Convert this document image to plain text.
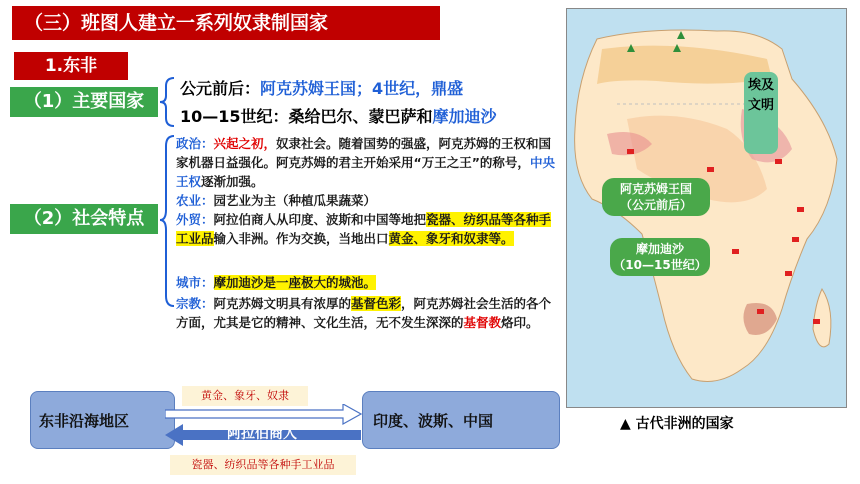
（三）班图人建立一系列奴隶制国家
1.东非
（1）主要国家
公元前后：阿克苏姆王国；4世纪，鼎盛
10—15世纪：桑给巴尔、蒙巴萨和摩加迪沙
（2）社会特点
政治：兴起之初，奴隶社会。随着国势的强盛，阿克苏姆的王权和国家机器日益强化。阿克苏姆的君主开始采用“万王之王”的称号，中央王权逐渐加强。
农业：园艺业为主（种植瓜果蔬菜）
外贸：阿拉伯商人从印度、波斯和中国等地把瓷器、纺织品等各种手工业品输入非洲。作为交换，当地出口黄金、象牙和奴隶等。
城市：摩加迪沙是一座极大的城池。
宗教：阿克苏姆文明具有浓厚的基督色彩，阿克苏姆社会生活的各个方面，尤其是它的精神、文化生活，无不发生深深的基督教烙印。
东非沿海地区	印度、波斯、中国
黄金、象牙、奴隶
瓷器、纺织品等各种手工业品
阿拉伯商人
埃及文明
阿克苏姆王国
（公元前后）
摩加迪沙
（10—15世纪）
▲ 古代非洲的国家
